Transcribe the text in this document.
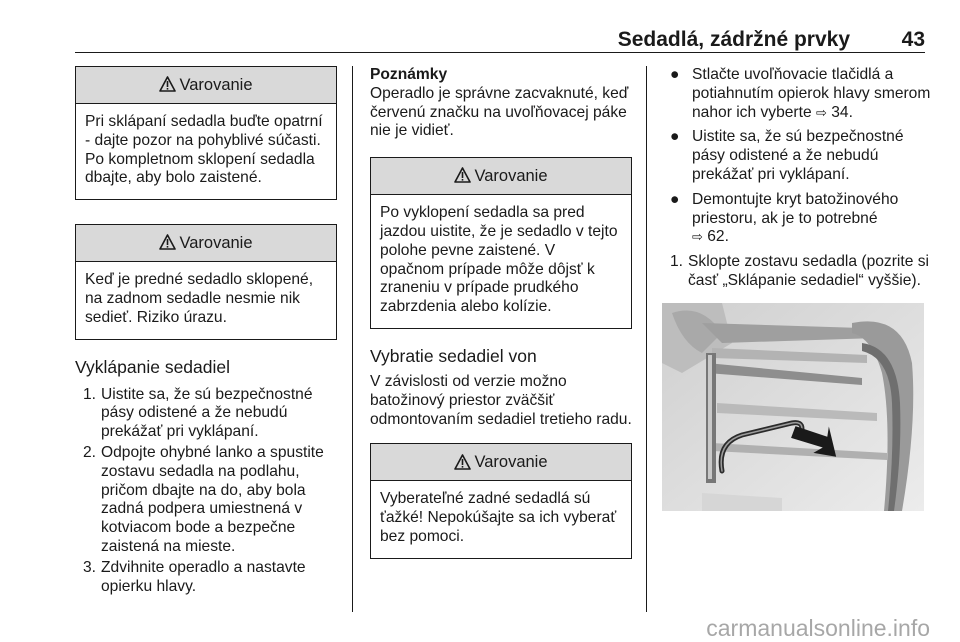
Sedadlá, zádržné prvky 43
Varovanie
Pri sklápaní sedadla buďte opatrní - dajte pozor na pohyblivé súčasti. Po kompletnom sklopení sedadla dbajte, aby bolo zaistené.
Varovanie
Keď je predné sedadlo sklopené, na zadnom sedadle nesmie nik sedieť. Riziko úrazu.
Vyklápanie sedadiel
1. Uistite sa, že sú bezpečnostné pásy odistené a že nebudú prekážať pri vyklápaní.
2. Odpojte ohybné lanko a spustite zostavu sedadla na podlahu, pričom dbajte na do, aby bola zadná podpera umiestnená v kotviacom bode a bezpečne zaistená na mieste.
3. Zdvihnite operadlo a nastavte opierku hlavy.
Poznámky
Operadlo je správne zacvaknuté, keď červenú značku na uvoľňovacej páke nie je vidieť.
Varovanie
Po vyklopení sedadla sa pred jazdou uistite, že je sedadlo v tejto polohe pevne zaistené. V opačnom prípade môže dôjsť k zraneniu v prípade prudkého zabrzdenia alebo kolízie.
Vybratie sedadiel von
V závislosti od verzie možno batožinový priestor zväčšiť odmontovaním sedadiel tretieho radu.
Varovanie
Vyberateľné zadné sedadlá sú ťažké! Nepokúšajte sa ich vyberať bez pomoci.
● Stlačte uvoľňovacie tlačidlá a potiahnutím opierok hlavy smerom nahor ich vyberte ⇨ 34.
● Uistite sa, že sú bezpečnostné pásy odistené a že nebudú prekážať pri vyklápaní.
● Demontujte kryt batožinového priestoru, ak je to potrebné
⇨ 62.
1. Sklopte zostavu sedadla (pozrite si časť „Sklápanie sedadiel“ vyššie).
carmanualsonline.info
